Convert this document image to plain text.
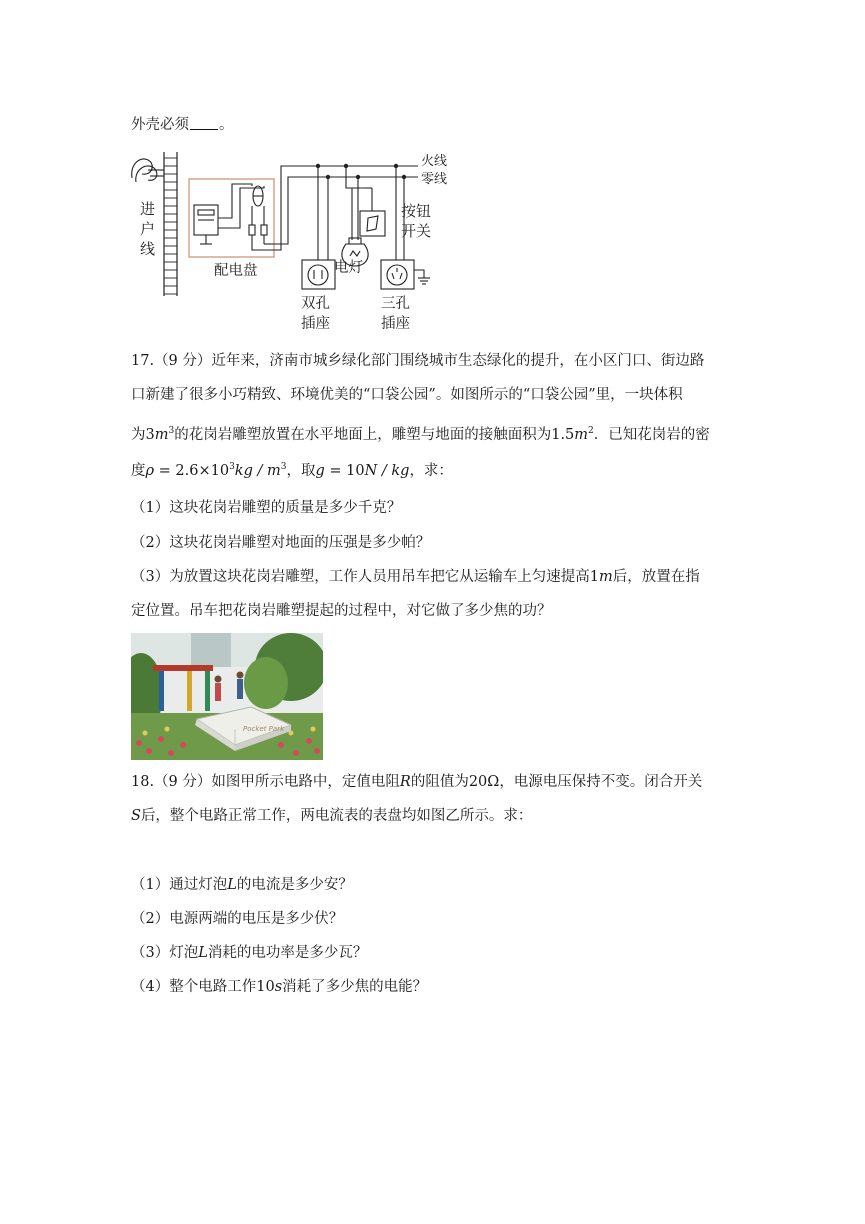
外壳必须 。
进
户
线
配电盘
火线
零线
双孔
插座
电灯
按钮
开关
三孔
插座
17.（9 分）近年来，济南市城乡绿化部门围绕城市生态绿化的提升，在小区门口、街边路
口新建了很多小巧精致、环境优美的“口袋公园”。如图所示的“口袋公园”里，一块体积
为$3m^3$的花岗岩雕塑放置在水平地面上，雕塑与地面的接触面积为$1.5m^2$．已知花岗岩的密
度$\rho = 2.6\times 10^3kg / m^3$，取g = 10N / kg，求：
（1）这块花岗岩雕塑的质量是多少千克？
（2）这块花岗岩雕塑对地面的压强是多少帕？
（3）为放置这块花岗岩雕塑，工作人员用吊车把它从运输车上匀速提高1m后，放置在指
定位置。吊车把花岗岩雕塑提起的过程中，对它做了多少焦的功？
Pocket Park
18.（9 分）如图甲所示电路中，定值电阻R的阻值为20Ω，电源电压保持不变。闭合开关
S后，整个电路正常工作，两电流表的表盘均如图乙所示。求：
（1）通过灯泡L的电流是多少安？
（2）电源两端的电压是多少伏？
（3）灯泡L消耗的电功率是多少瓦？
（4）整个电路工作10s消耗了多少焦的电能？
